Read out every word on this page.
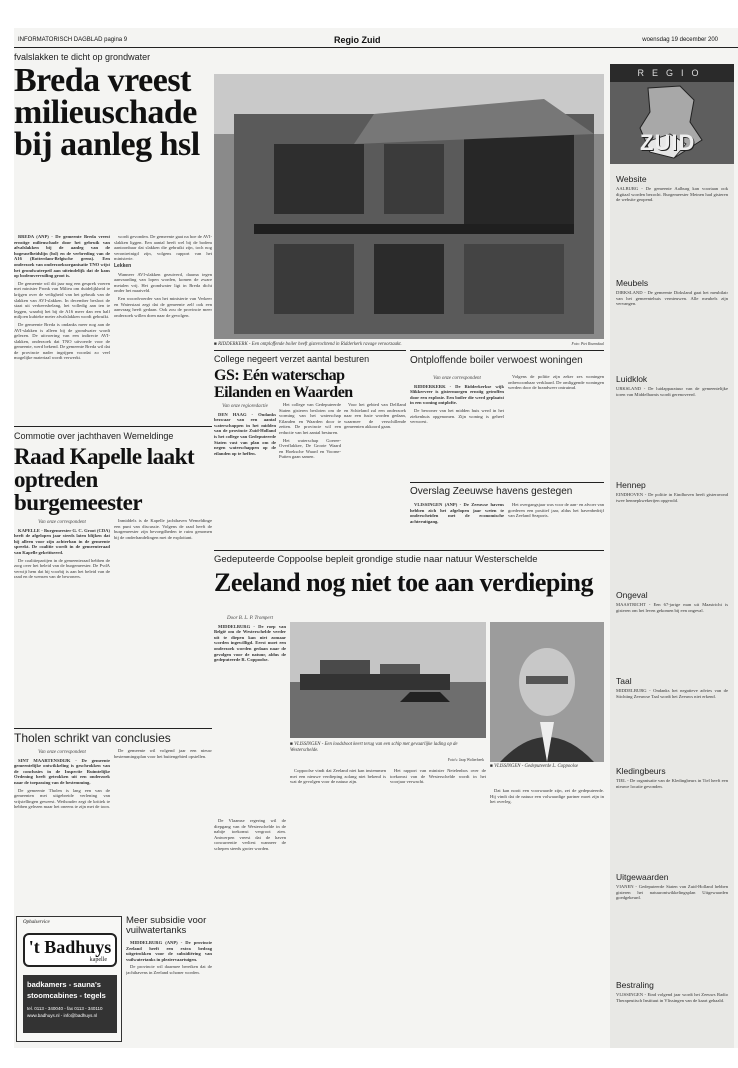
INFORMATORISCH DAGBLAD pagina 9	Regio Zuid	woensdag 19 december 200
fvalslakken te dicht op grondwater
Breda vreest
milieuschade
bij aanleg hsl

BREDA (ANP) - De gemeente Breda vreest ernstige milieuschade door het gebruik van afvalslakken bij de aanleg van de hogesnelheidslijn (hsl) en de verbreding van de A16 (Rotterdam-Belgische grens). Een onderzoek van onderzoeksorganisatie TNO wijst het grondwaterpeil aan uiteindelijk dat de kans op bodemvervuiling groot is.

De gemeente wil dit jaar nog een gesprek voeren met minister Pronk van Milieu om duidelijkheid te krijgen over de veiligheid van het gebruik van de slakken van AVI-slakken. In december besloot de staat uit verkeersbelang, het volledig aan ten te leggen, waarbij het bij de A16 meer dan een half miljoen kubieke meter afvalslakken wordt gebruikt.

De gemeente Breda is ondanks meer nog aan de AVI-slakken is alleen bij de grondwater wordt gelezen. De uitvoering van een indirecte AVI-slakken, onderzoek dat TNO uitvoerde voor de gemeente, werd bekend. De gemeente Breda wil dat de provincie nader ingrijpen voordat zo veel mogelijke materiaal wordt verwerkt.

wordt gevonden. De gemeente gaat na hoe de AVI-slakken liggen. Een aantal heeft wel bij de bodem aantoonbaar dat slakken die gebruikt zijn, toch nog verontreinigd zijn, volgens rapport van het ministerie.

Lekken

Wanneer AVI-slakken gezuiverd, daarna tegen aanvaarding van lopen worden, komen de zware metalen vrij. Het grondwater ligt in Breda dicht onder het maaiveld.

Een woordvoerder van het ministerie van Verkeer en Waterstaat zegt dat de gemeente zelf ook een aanvraag heeft gedaan. Ook zou de provincie meer onderzoek willen doen naar de gevolgen.

Commotie over jachthaven Wemeldinge
Raad Kapelle laakt
optreden burgemeester
Van onze correspondent

KAPELLE - Burgemeester G. C. Groot (CDA) heeft de afgelopen jaar steeds laten blijken dat hij alleen voor zijn achterban in de gemeente spreekt. De coalitie wordt in de gemeenteraad van Kapelle gekritiseerd.

De coalitiepartijen in de gemeenteraad hebben de zorg over het beleid van de burgemeester. De PvdA verwijt hem dat hij voorbij is aan het beleid van de raad en de wensen van de bewoners.

Inmiddels is de Kapelle jachthaven Wemeldinge een punt van discussie. Volgens de raad heeft de burgemeester zijn bevoegdheden te ruim genomen bij de onderhandelingen met de exploitant.

Tholen schrikt van conclusies
Van onze correspondent

SINT MAARTENSDIJK - De gemeente gemeentelijke ontwikkeling is geschrokken van de conclusies in de Inspectie Ruimtelijke Ordening heeft getrokken uit een onderzoek naar de toepassing van de bestemming.

De gemeente Tholen is lang een van de gemeenten met uitgebreide verlening van vrijstellingen geweest. Wethouder zegt de kritiek te hebben gelezen maar het oneens te zijn met de toon.

De gemeente wil volgend jaar een nieuw bestemmingsplan voor het buitengebied opstellen.

Ophalservice
't Badhuys
kapelle
badkamers - sauna's
stoomcabines - tegels
tel. 0113 - 340040 - fax 0113 - 340110
www.badhuys.nl - info@badhuys.nl
Meer subsidie voor vuilwatertanks

MIDDELBURG (ANP) - De provincie Zeeland heeft een extra bedrag uitgetrokken voor de subsidiëring van vuilwatertanks in pleziervaartuigen.

De provincie wil daarmee bereiken dat de jachthavens in Zeeland schoner worden.

■ RIDDERKERK - Een ontploffende boiler heeft gisterochtend in Ridderkerk ravage veroorzaakt.	Foto: Piet Rozendaal
College negeert verzet aantal besturen
GS: Eén waterschap
Eilanden en Waarden
Van onze regioredactie

DEN HAAG - Ondanks bezwaar van een aantal waterschappen in het midden van de provincie Zuid-Holland is het college van Gedeputeerde Staten vast van plan om de negen waterschappen op de eilanden op te heffen.

Het college van Gedeputeerde Staten gisteren besloten om de vorming van het waterschap Eilanden en Waarden door te zetten. De provincie wil een reductie van het aantal besturen.

Het waterschap Goeree-Overflakkee, De Groote Waard en Hoeksche Waard en Voorne-Putten gaan samen.

Voor het gebied van Delfland en Schieland zal een onderzoek naar een fusie worden gedaan, waarmee de verschillende gemeenten akkoord gaan.

Ontploffende boiler verwoest woningen
Van onze correspondent

RIDDERKERK - De Ridderkerkse wijk Slikkerveer is gistermorgen ernstig getroffen door een explosie. Een boiler die werd geplaatst in een woning ontplofte.

De bewoner van het midden huis werd in het ziekenhuis opgenomen. Zijn woning is geheel verwoest.

Volgens de politie zijn zeker zes woningen onbewoonbaar verklaard. De omliggende woningen werden door de brandweer ontruimd.

Overslag Zeeuwse havens gestegen

VLISSINGEN (ANP) - De Zeeuwse havens hebben zich het afgelopen jaar weten te onderscheiden met de economische achteruitgang.

Het overgangsjaar was voor de aan- en afvoer van goederen een positief jaar, aldus het havenbedrijf van Zeeland Seaports.

Gedeputeerde Coppoolse bepleit grondige studie naar natuur Westerschelde
Zeeland nog niet toe aan verdieping
Door B. L. P. Trompert

MIDDELBURG - De roep van België om de Westerschelde verder uit te diepen kan niet zomaar worden ingewilligd. Eerst moet een onderzoek worden gedaan naar de gevolgen voor de natuur, aldus de gedeputeerde R. Coppoolse.

■ VLISSINGEN - Een loodsboot keert terug van een schip met gevaarlijke lading op de Westerschelde.
■ VLISSINGEN - Gedeputeerde L. Coppoolse
Foto's: Jaap Wolterbeek

De Vlaamse regering wil de diepgang van de Westerschelde in de nabije toekomst vergroot zien. Antwerpen vreest dat de haven concurrentie verliest wanneer de schepen steeds groter worden.

Coppoolse vindt dat Zeeland niet kan instemmen met een nieuwe verdieping zolang niet bekend is wat de gevolgen voor de natuur zijn.

Het rapport van minister Netelenbos over de toekomst van de Westerschelde wordt in het voorjaar verwacht.

Dat kan nooit een voorwaarde zijn, zei de gedeputeerde. Hij vindt dat de natuur een volwaardige partner moet zijn in het overleg.

REGIO
ZUID
Website
AALBURG - De gemeente Aalburg kan voortaan ook digitaal worden bezocht. Burgemeester Meinen had gisteren de website geopend.
Meubels
DIRKSLAND - De gemeente Dirksland gaat het meubilair van het gemeentehuis vernieuwen. Alle meubels zijn vervangen.
Luidklok
URKSLAND - De luidapparatuur van de gemeentelijke toren van Middelharnis wordt gerenoveerd.
Hennep
EINDHOVEN - De politie in Eindhoven heeft gisteravond twee hennepkwekerijen opgerold.
Ongeval
MAASTRICHT - Een 67-jarige man uit Maastricht is gisteren om het leven gekomen bij een ongeval.
Taal
MIDDELBURG - Ondanks het negatieve advies van de Stichting Zeeuwse Taal wordt het Zeeuws niet erkend.
Kledingbeurs
TIEL - De organisatie van de Kledingbeurs in Tiel heeft een nieuwe locatie gevonden.
Uitgewaarden
VIANEN - Gedeputeerde Staten van Zuid-Holland hebben gisteren het natuurontwikkelingsplan Uitgewaarden goedgekeurd.
Bestraling
VLISSINGEN - Eind volgend jaar wordt het Zeeuws Radio Therapeutisch Instituut in Vlissingen van de kaart gehaald.
